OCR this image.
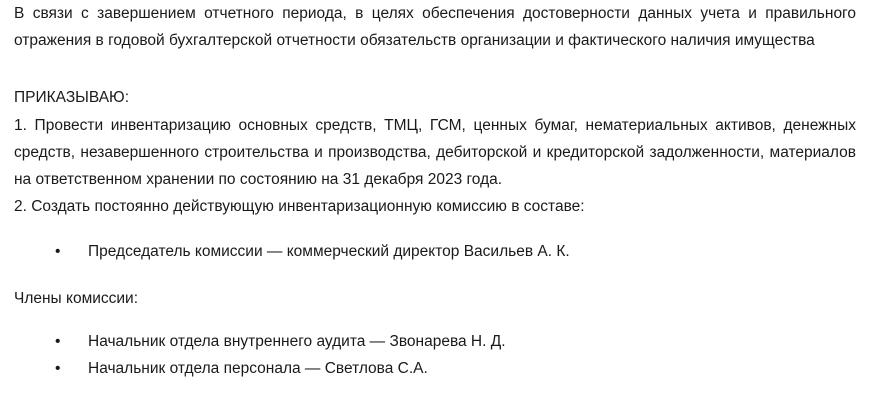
В связи с завершением отчетного периода, в целях обеспечения достоверности данных учета и правильного отражения в годовой бухгалтерской отчетности обязательств организации и фактического наличия имущества

ПРИКАЗЫВАЮ:

1. Провести инвентаризацию основных средств, ТМЦ, ГСМ, ценных бумаг, нематериальных активов, денежных средств, незавершенного строительства и производства, дебиторской и кредиторской задолженности, материалов на ответственном хранении по состоянию на 31 декабря 2023 года.

2. Создать постоянно действующую инвентаризационную комиссию в составе:

• Председатель комиссии — коммерческий директор Васильев А. К.

Члены комиссии:

• Начальник отдела внутреннего аудита — Звонарева Н. Д.
• Начальник отдела персонала — Светлова С.А.
